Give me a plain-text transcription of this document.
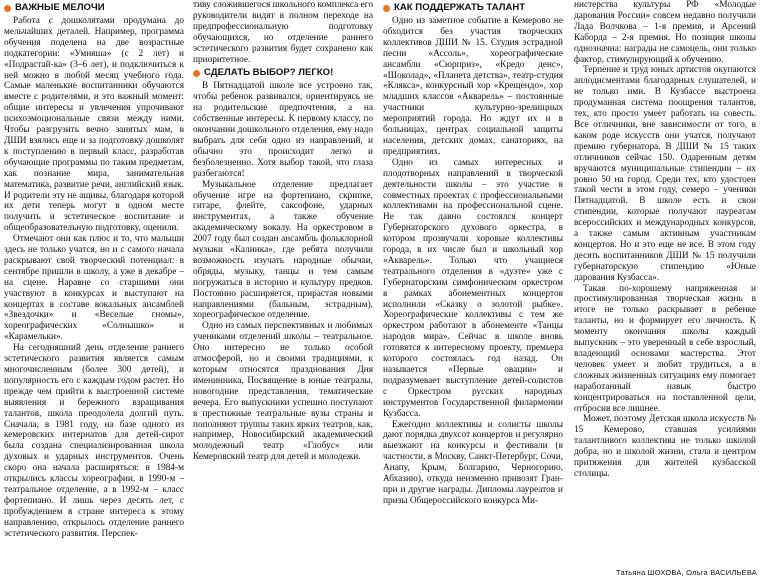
ВАЖНЫЕ МЕЛОЧИ

Работа с дошколятами продумана до мельчайших деталей. Например, программа обучения поделена на две возрастные подкатегории: «Умняша» (с 2 лет) и «Подрастай-ка» (3–6 лет), и подключиться к ней можно в любой месяц учебного года. Самые маленькие воспитанники обучаются вместе с родителями, и это важный момент: общие интересы и увлечения упрочивают психоэмоциональные связи между ними. Чтобы разгрузить вечно занятых мам, в ДШИ взялись еще и за подготовку дошколят к поступлению в первый класс, разработав обучающие программы по таким предметам, как познание мира, занимательная математика, развитие речи, английский язык. И родители эту не ащивы, благодаря которой их дети теперь могут в одном месте получить и эстетическое воспитание и общеобразовательную подготовку, оценили.

Отмечают они как плюс и то, что малыши здесь не только учатся, но и с самого начала раскрывают свой творческий потенциал: в сентябре пришли в школу, а уже в декабре – на сцене. Наравне со старшими они участвуют в конкурсах и выступают на концертах в составе вокальных ансамблей «Звездочки» и «Веселые гномы», хореографических «Солнышко» и «Карамельки».

На сегодняшний день отделение раннего эстетического развития является самым многочисленным (более 300 детей), и популярность его с каждым годом растет. Но прежде чем прийти к выстроенной системе выявления и бережного взращивания талантов, школа преодолела долгий путь. Сначала, в 1981 году, на базе одного из кемеровских интернатов для детей-сирот была создана специализированная школа духовых и ударных инструментов. Очень скоро она начала расширяться: в 1984-м открылись классы хореографии, в 1990-м – театральное отделение, а в 1992-м – класс фортепиано. И лишь через десять лет, с пробуждением в стране интереса к этому направлению, открылось отделение раннего эстетического развития. Перспек-

тиву сложившегося школьного комплекса его руководители видят в полном переходе на предпрофессиональную подготовку обучающихся, но отделение раннего эстетического развития будет сохранено как приоритетное.

СДЕЛАТЬ ВЫБОР? ЛЕГКО!

В Пятнадцатой школе все устроено так, чтобы ребенок развивался, ориентируясь не на родительские предпочтения, а на собственные интересы. К первому классу, по окончании дошкольного отделения, ему надо выбрать для себя одно из направлений, и обычно это происходит легко и безболезненно. Хотя выбор такой, что глаза разбегаются!

Музыкальное отделение предлагает обучение игре на фортепиано, скрипке, гитаре, флейте, саксофоне, ударных инструментах, а также обучение академическому вокалу. На оркестровом в 2007 году был создан ансамбль фольклорной музыки «Калинка», где ребята получили возможность изучать народные обычаи, обряды, музыку, танцы и тем самым погружаться в историю и культуру предков. Постоянно расширяется, прирастая новыми направлениями (бальным, эстрадным), хореографическое отделение.

Одно из самых перспективных и любимых учениками отделений школы – театральное. Оно интересно не только особой атмосферой, но и своими традициями, к которым относятся празднования Дня именинника, Посвящение в юные театралы, новогодние представления, тематические вечера. Его выпускники успешно поступают в престижные театральные вузы страны и пополняют труппы таких ярких театров, как, например, Новосибирский академический молодежный театр «Глобус» или Кемеровский театр для детей и молодежи.

КАК ПОДДЕРЖАТЬ ТАЛАНТ

Одно из заметное событие в Кемерово не обходится без участия творческих коллективов ДШИ № 15. Студия эстрадной песни «Ассоль», хореографические ансамбли «Сюрприз», «Кредо денс», «Шоколад», «Планета детства», театр-студия «Клякса», конкурсный хор «Крещендо», хор младших классов «Акварель» – постоянные участники культурно-зрелищных мероприятий города. Но ждут их и в больницах, центрах социальной защиты населения, детских домах, санаториях, на предприятиях.

Одно из самых интересных и плодотворных направлений в творческой деятельности школы – это участие в совместных проектах с профессиональными коллективами на профессиональной сцене. Не так давно состоялся концерт Губернаторского духового оркестра, в котором прозвучали хоровые коллективы города, в их числе был и школьный хор «Акварель». Только что учащиеся театрального отделения в «дуэте» уже с Губернаторским симфоническим оркестром в рамках абонементных концертов исполнили «Сказку о золотой рыбке». Хореографические коллективы с тем же оркестром работают в абонементе «Танцы народов мира». Сейчас в школе вновь готовятся к интересному проекту, премьера которого состоялась год назад. Он называется «Первые овации» и подразумевает выступление детей-солистов с Оркестром русских народных инструментов Государственной филармонии Кузбасса.

Ежегодно коллективы и солисты школы дают порядка двухсот концертов и регулярно выезжают на конкурсы и фестивали (в частности, в Москву, Санкт-Петербург, Сочи, Анапу, Крым, Болгарию, Черногорию, Абхазию), откуда неизменно привозят Гран-при и другие награды. Дипломы лауреатов и призы Общероссийского конкурса Ми-

нистерства культуры РФ «Молодые дарования России» совсем недавно получили Лада Волчкова – 1-я премия, и Арсений Каборда – 2-я премия. Но позиция школы однозначна: награды не самоцель, они только фактор, стимулирующий к обучению.

Терпение и труд юных артистов окупаются аплодисментами благодарных слушателей, и не только ими. В Кузбассе выстроена продуманная система поощрения талантов, тех, кто просто умеет работать на совесть. Все отличники, вне зависимости от того, в каком роде искусств они учатся, получают премию губернатора. В ДШИ № 15 таких отличников сейчас 150. Одаренным детям вручаются муниципальные стипендии – их ровно 50 на город. Среди тех, кто удостоен такой чести в этом году, семеро – ученики Пятнадцатой. В школе есть и свои стипендии, которые получают лауреатам всероссийских и международных конкурсов, а также самым активным участникам концертов. Но и это еще не все. В этом году десять воспитанников ДШИ № 15 получили губернаторскую стипендию «Юные дарования Кузбасса».

Такая по-хорошему напряженная и простимулированная творческая жизнь в итоге не только раскрывает в ребенке таланты, но и формирует его личность. К моменту окончания школы каждый выпускник – это уверенный в себе взрослый, владеющий основами мастерства. Этот человек умеет и любит трудиться, а в сложных жизненных ситуациях ему помогает наработанный навык быстро концентрироваться на поставленной цели, отбросив все лишнее.

Может, поэтому Детская школа искусств № 15 Кемерово, ставшая усилиями талантливого коллектива не только школой добра, но и школой жизни, стала и центром притяжения для жителей кузбасской столицы.

Татьяна ШОХОВА, Ольга ВАСИЛЬЕВА
